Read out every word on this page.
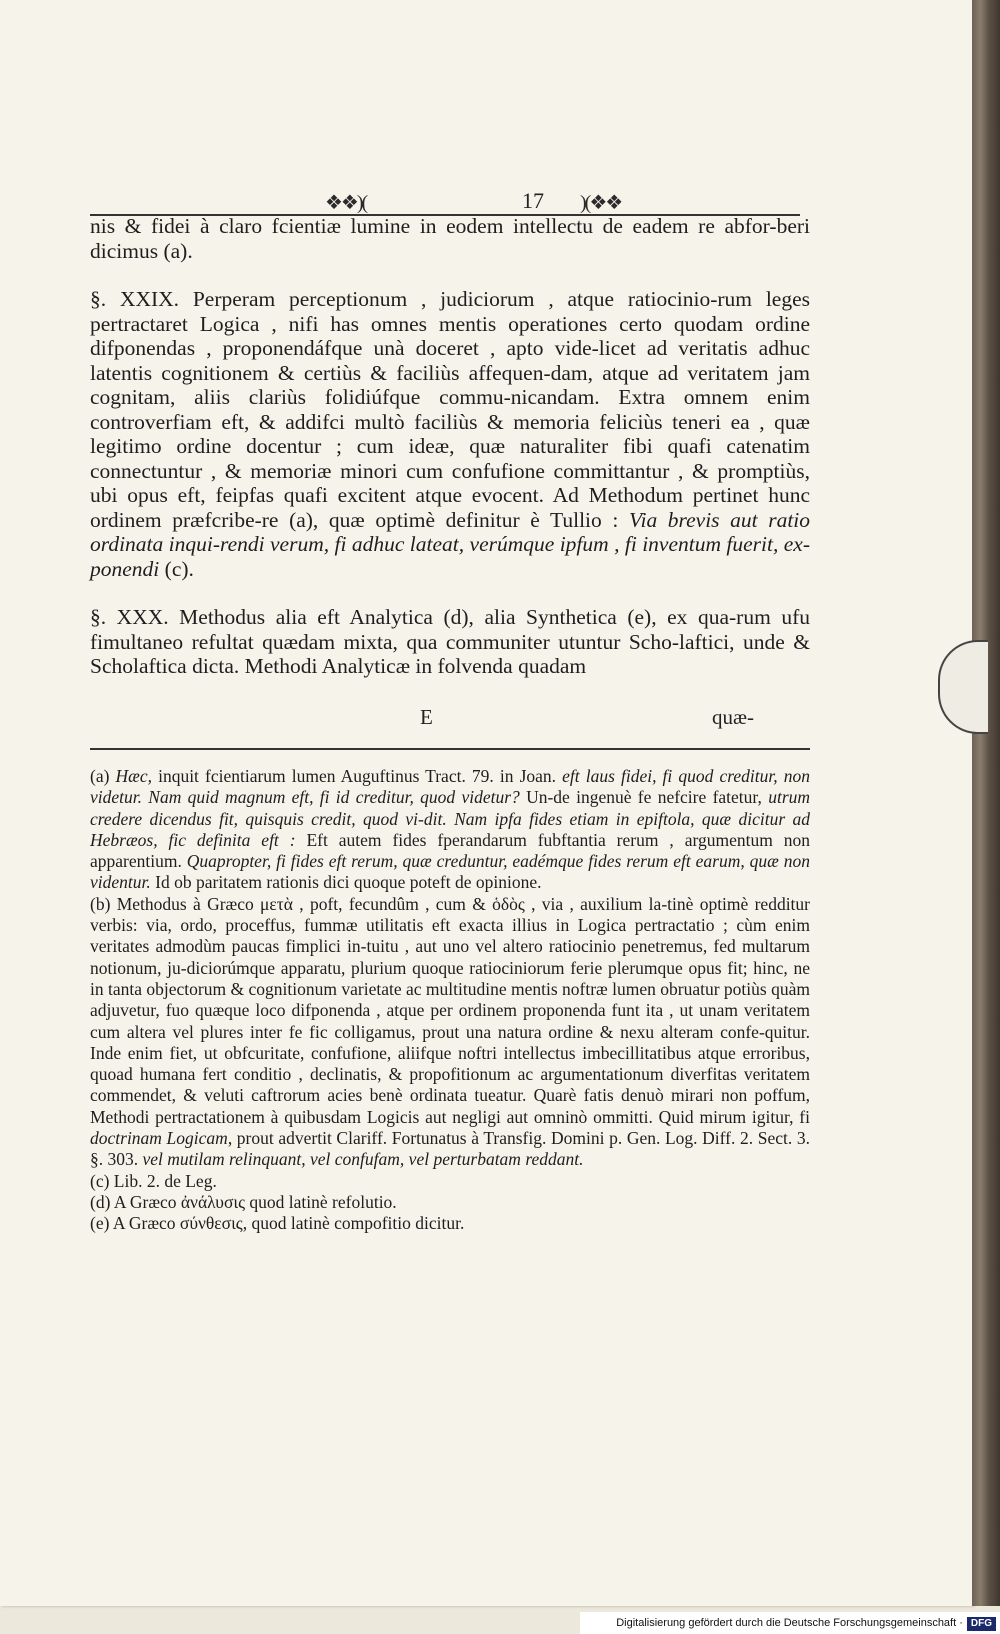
❖❖)(	17 )(❖❖

nis & fidei à claro fcientiæ lumine in eodem intellectu de eadem re abfor-beri dicimus (a).

§. XXIX. Perperam perceptionum , judiciorum , atque ratiocinio-rum leges pertractaret Logica , nifi has omnes mentis operationes certo quodam ordine difponendas , proponendáfque unà doceret , apto vide-licet ad veritatis adhuc latentis cognitionem & certiùs & faciliùs affequen-dam, atque ad veritatem jam cognitam, aliis clariùs folidiúfque commu-nicandam. Extra omnem enim controverfiam eft, & addifci multò faciliùs & memoria feliciùs teneri ea , quæ legitimo ordine docentur ; cum ideæ, quæ naturaliter fibi quafi catenatim connectuntur , & memoriæ minori cum confufione committantur , & promptiùs, ubi opus eft, feipfas quafi excitent atque evocent. Ad Methodum pertinet hunc ordinem præfcribe-re (a), quæ optimè definitur è Tullio : Via brevis aut ratio ordinata inqui-rendi verum, fi adhuc lateat, verúmque ipfum , fi inventum fuerit, ex-ponendi (c).

§. XXX. Methodus alia eft Analytica (d), alia Synthetica (e), ex qua-rum ufu fimultaneo refultat quædam mixta, qua communiter utuntur Scho-laftici, unde & Scholaftica dicta. Methodi Analyticæ in folvenda quadam

E	quæ-

(a) Hæc, inquit fcientiarum lumen Auguftinus Tract. 79. in Joan. eft laus fidei, fi quod creditur, non videtur. Nam quid magnum eft, fi id creditur, quod videtur? Un-de ingenuè fe nefcire fatetur, utrum credere dicendus fit, quisquis credit, quod vi-dit. Nam ipfa fides etiam in epiftola, quæ dicitur ad Hebræos, fic definita eft : Eft autem fides fperandarum fubftantia rerum , argumentum non apparentium. Quapropter, fi fides eft rerum, quæ creduntur, eadémque fides rerum eft earum, quæ non videntur. Id ob paritatem rationis dici quoque poteft de opinione.

(b) Methodus à Græco μετὰ , poft, fecundûm , cum & ὁδὸς , via , auxilium la-tinè optimè redditur verbis: via, ordo, proceffus, fummæ utilitatis eft exacta illius in Logica pertractatio ; cùm enim veritates admodùm paucas fimplici in-tuitu , aut uno vel altero ratiocinio penetremus, fed multarum notionum, ju-diciorúmque apparatu, plurium quoque ratiociniorum ferie plerumque opus fit; hinc, ne in tanta objectorum & cognitionum varietate ac multitudine mentis noftræ lumen obruatur potiùs quàm adjuvetur, fuo quæque loco difponenda , atque per ordinem proponenda funt ita , ut unam veritatem cum altera vel plures inter fe fic colligamus, prout una natura ordine & nexu alteram confe-quitur. Inde enim fiet, ut obfcuritate, confufione, aliifque noftri intellectus imbecillitatibus atque erroribus, quoad humana fert conditio , declinatis, & propofitionum ac argumentationum diverfitas veritatem commendet, & veluti caftrorum acies benè ordinata tueatur. Quarè fatis denuò mirari non poffum, Methodi pertractationem à quibusdam Logicis aut negligi aut omninò ommitti. Quid mirum igitur, fi doctrinam Logicam, prout advertit Clariff. Fortunatus à Transfig. Domini p. Gen. Log. Diff. 2. Sect. 3. §. 303. vel mutilam relinquant, vel confufam, vel perturbatam reddant.

(c) Lib. 2. de Leg.

(d) A Græco ἀνάλυσις quod latinè refolutio.

(e) A Græco σύνθεσις, quod latinè compofitio dicitur.

Digitalisierung gefördert durch die Deutsche Forschungsgemeinschaft · DFG
